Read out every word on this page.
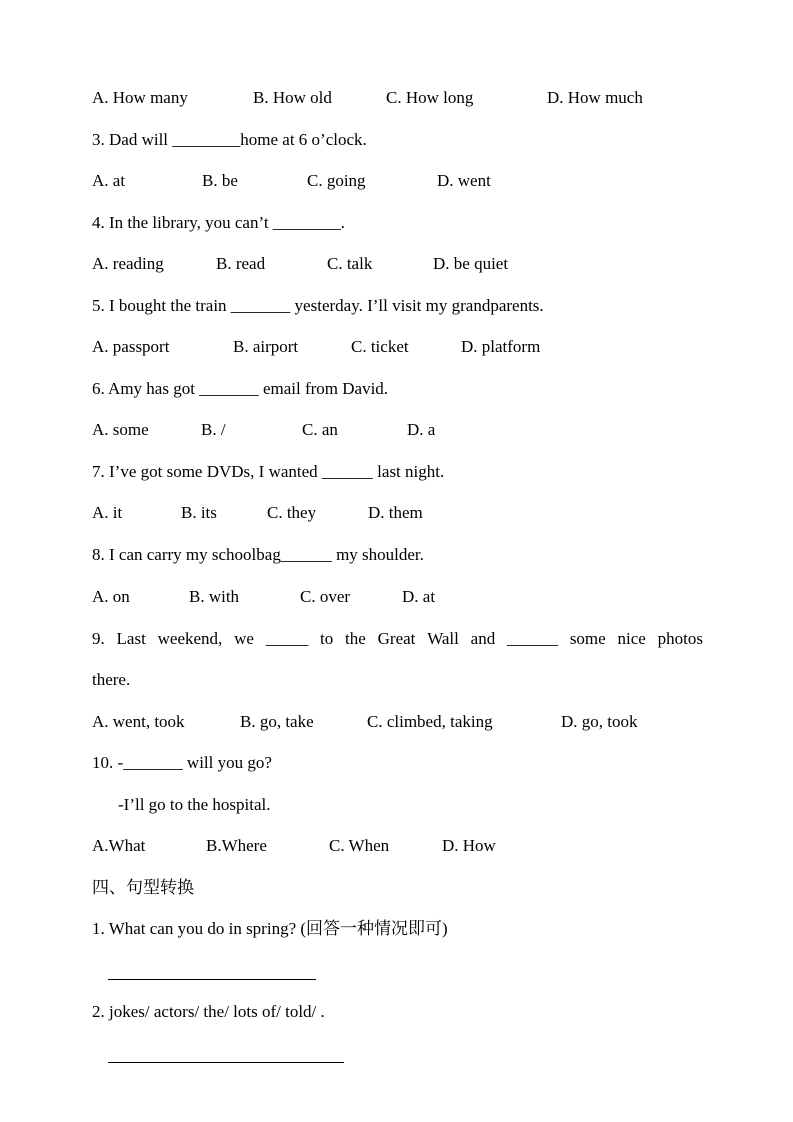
A. How many	B. How old	C. How long	D. How much
3. Dad will ________home at 6 o’clock.
A. at	B. be	C. going	D. went
4. In the library, you can’t ________.
A. reading	B. read	C. talk	D. be quiet
5. I bought the train _______ yesterday. I’ll visit my grandparents.
A. passport	B. airport	C. ticket	D. platform
6. Amy has got _______ email from David.
A. some	B. /	C. an	D. a
7. I’ve got some DVDs, I wanted ______ last night.
A. it	B. its	C. they	D. them
8. I can carry my schoolbag______ my shoulder.
A. on	B. with	C. over	D. at
9. Last weekend, we _____ to the Great Wall and ______ some nice photos
there.
A. went, took	B. go, take	C. climbed, taking	D. go, took
10. -_______ will you go?
-I’ll go to the hospital.
A.What	B.Where	C. When	D. How
四、句型转换
1. What can you do in spring? (回答一种情况即可)
2. jokes/ actors/ the/ lots of/ told/ .
